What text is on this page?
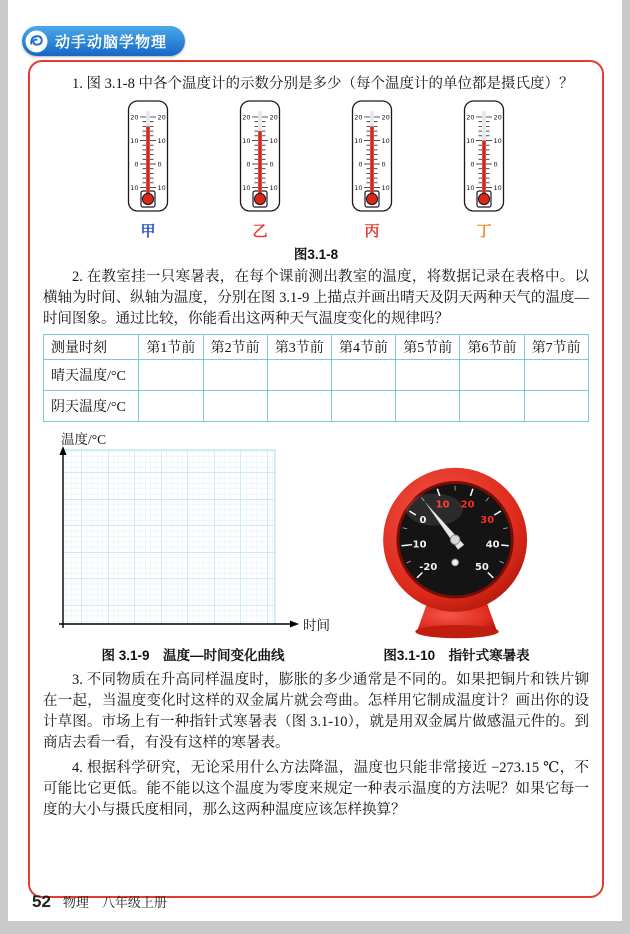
动手动脑学物理

1. 图 3.1-8 中各个温度计的示数分别是多少（每个温度计的单位都是摄氏度）？

20	20
10	10
0	0
10	10
甲
20	20
10	10
0	0
10	10
乙
20	20
10	10
0	0
10	10
丙
20	20
10	10
0	0
10	10
丁
图3.1-8

2. 在教室挂一只寒暑表，在每个课前测出教室的温度，将数据记录在表格中。以横轴为时间、纵轴为温度，分别在图 3.1-9 上描点并画出晴天及阴天两种天气的温度—时间图象。通过比较，你能看出这两种天气温度变化的规律吗？

测量时刻	第1节前	第2节前	第3节前	第4节前	第5节前	第6节前	第7节前
晴天温度/°C							
阴天温度/°C							
温度/°C
时间
图 3.1-9　温度—时间变化曲线
-20
-10
0
10 20
30
40
50
图3.1-10　指针式寒暑表

3. 不同物质在升高同样温度时，膨胀的多少通常是不同的。如果把铜片和铁片铆在一起，当温度变化时这样的双金属片就会弯曲。怎样用它制成温度计？画出你的设计草图。市场上有一种指针式寒暑表（图 3.1-10），就是用双金属片做感温元件的。到商店去看一看，有没有这样的寒暑表。

4. 根据科学研究，无论采用什么方法降温，温度也只能非常接近 −273.15 ℃，不可能比它更低。能不能以这个温度为零度来规定一种表示温度的方法呢？如果它每一度的大小与摄氏度相同，那么这两种温度应该怎样换算？

52 物理　八年级上册
